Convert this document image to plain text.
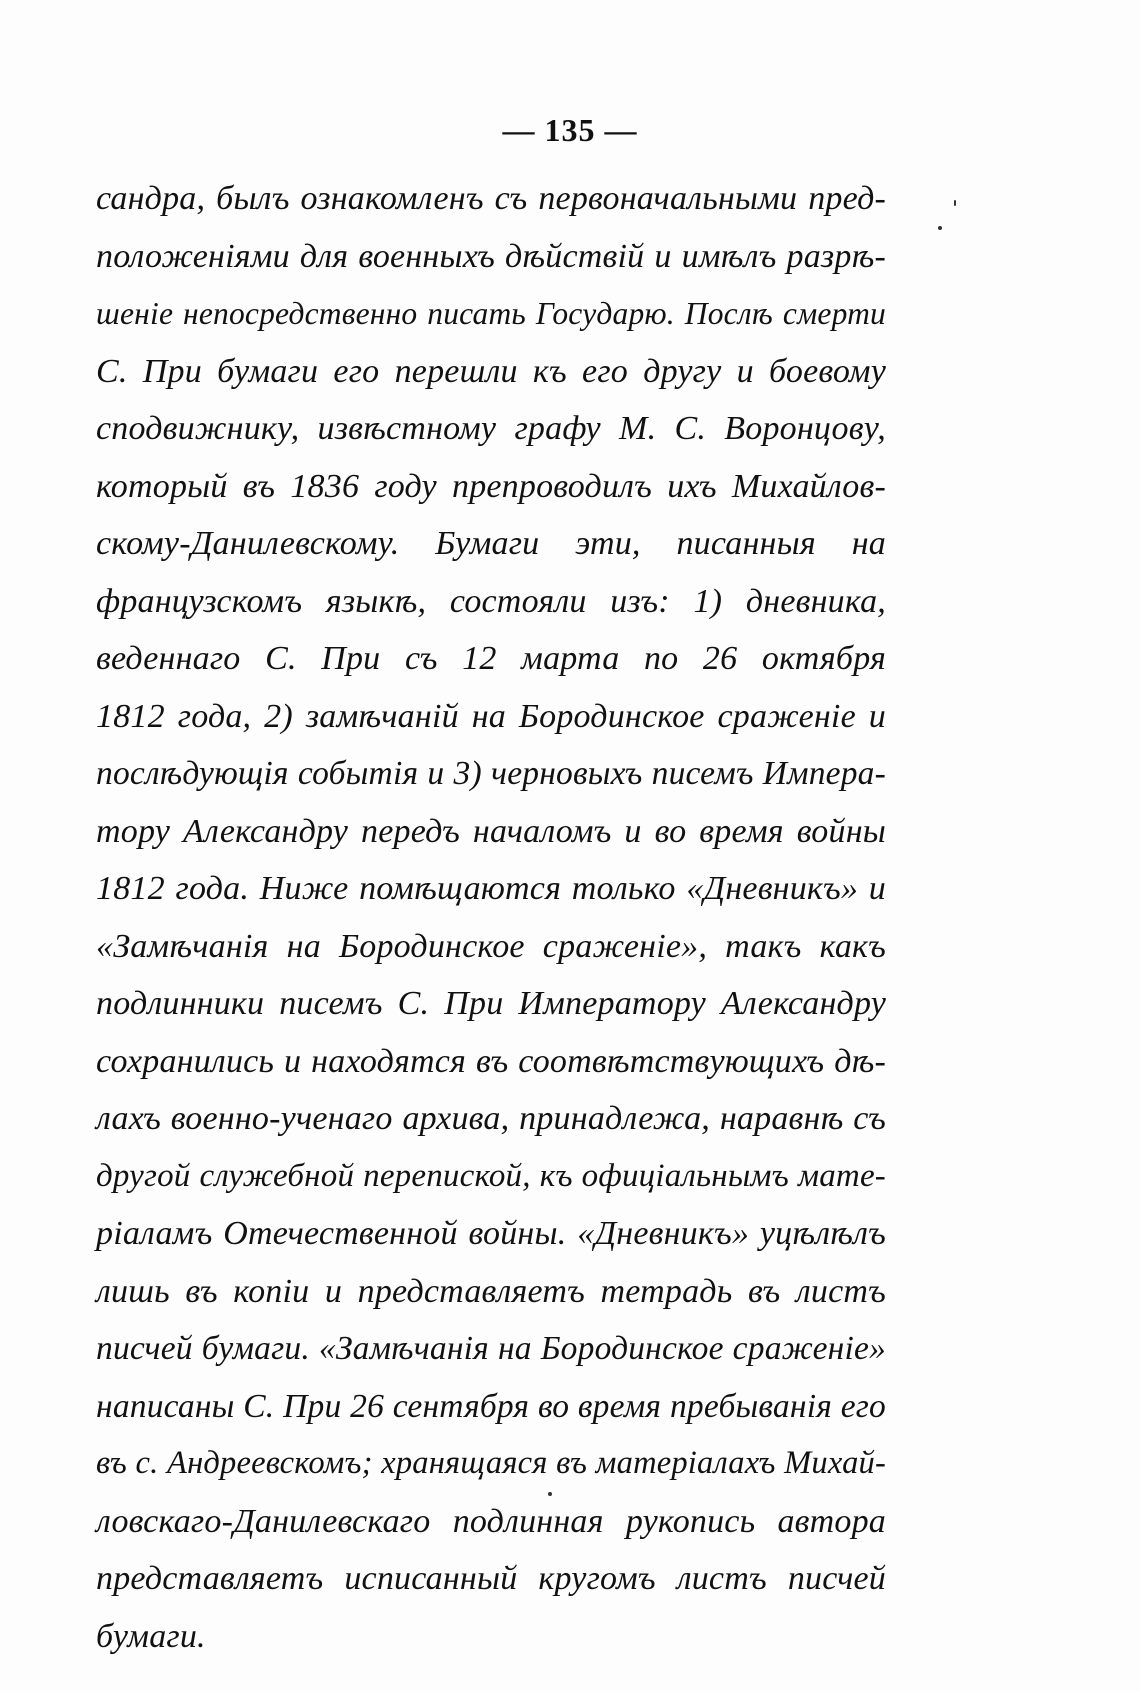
— 135 —
сандра, былъ ознакомленъ съ первоначальными пред-
положеніями для военныхъ дѣйствій и имѣлъ разрѣ-
шеніе непосредственно писать Государю. Послѣ смерти
С. При бумаги его перешли къ его другу и боевому
сподвижнику, извѣстному графу М. С. Воронцову,
который въ 1836 году препроводилъ ихъ Михайлов-
скому-Данилевскому. Бумаги эти, писанныя на
французскомъ языкѣ, состояли изъ: 1) дневника,
веденнаго С. При съ 12 марта по 26 октября
1812 года, 2) замѣчаній на Бородинское сраженіе и
послѣдующія событія и 3) черновыхъ писемъ Импера-
тору Александру передъ началомъ и во время войны
1812 года. Ниже помѣщаются только «Дневникъ» и
«Замѣчанія на Бородинское сраженіе», такъ какъ
подлинники писемъ С. При Императору Александру
сохранились и находятся въ соотвѣтствующихъ дѣ-
лахъ военно-ученаго архива, принадлежа, наравнѣ съ
другой служебной перепиской, къ офиціальнымъ мате-
ріаламъ Отечественной войны. «Дневникъ» уцѣлѣлъ
лишь въ копіи и представляетъ тетрадь въ листъ
писчей бумаги. «Замѣчанія на Бородинское сраженіе»
написаны С. При 26 сентября во время пребыванія его
въ с. Андреевскомъ; хранящаяся въ матеріалахъ Михай-
ловскаго-Данилевскаго подлинная рукопись автора
представляетъ исписанный кругомъ листъ писчей
бумаги.
